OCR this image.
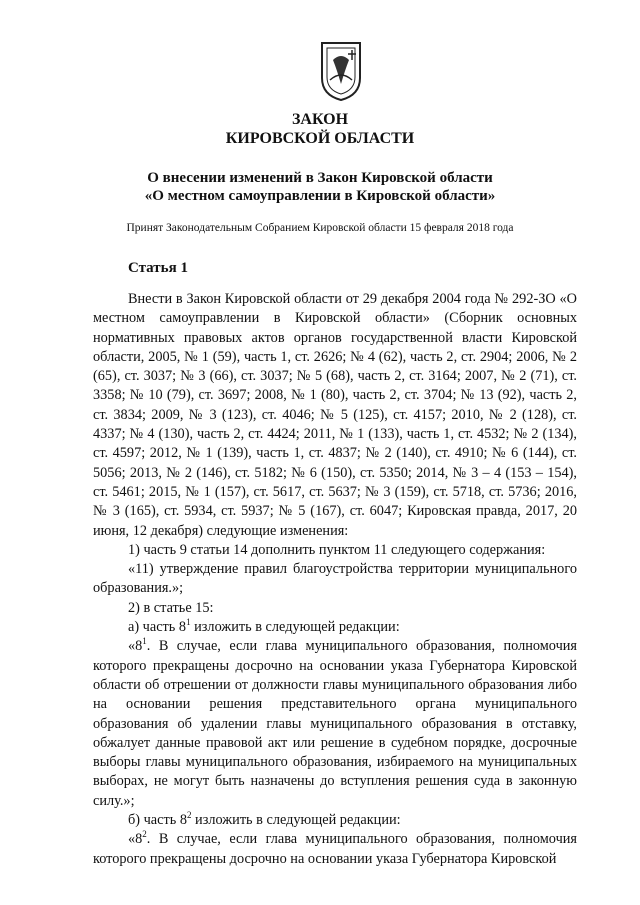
ЗАКОН
КИРОВСКОЙ ОБЛАСТИ
О внесении изменений в Закон Кировской области
«О местном самоуправлении в Кировской области»
Принят Законодательным Собранием Кировской области 15 февраля 2018 года
Статья 1

Внести в Закон Кировской области от 29 декабря 2004 года № 292-ЗО «О местном самоуправлении в Кировской области» (Сборник основных нормативных правовых актов органов государственной власти Кировской области, 2005, № 1 (59), часть 1, ст. 2626; № 4 (62), часть 2, ст. 2904; 2006, № 2 (65), ст. 3037; № 3 (66), ст. 3037; № 5 (68), часть 2, ст. 3164; 2007, № 2 (71), ст. 3358; № 10 (79), ст. 3697; 2008, № 1 (80), часть 2, ст. 3704; № 13 (92), часть 2, ст. 3834; 2009, № 3 (123), ст. 4046; № 5 (125), ст. 4157; 2010, № 2 (128), ст. 4337; № 4 (130), часть 2, ст. 4424; 2011, № 1 (133), часть 1, ст. 4532; № 2 (134), ст. 4597; 2012, № 1 (139), часть 1, ст. 4837; № 2 (140), ст. 4910; № 6 (144), ст. 5056; 2013, № 2 (146), ст. 5182; № 6 (150), ст. 5350; 2014, № 3 – 4 (153 – 154), ст. 5461; 2015, № 1 (157), ст. 5617, ст. 5637; № 3 (159), ст. 5718, ст. 5736; 2016, № 3 (165), ст. 5934, ст. 5937; № 5 (167), ст. 6047; Кировская правда, 2017, 20 июня, 12 декабря) следующие изменения:

1) часть 9 статьи 14 дополнить пунктом 11 следующего содержания:

«11) утверждение правил благоустройства территории муниципального образования.»;

2) в статье 15:

а) часть $8^1$ изложить в следующей редакции:

«$8^1$. В случае, если глава муниципального образования, полномочия которого прекращены досрочно на основании указа Губернатора Кировской области об отрешении от должности главы муниципального образования либо на основании решения представительного органа муниципального образования об удалении главы муниципального образования в отставку, обжалует данные правовой акт или решение в судебном порядке, досрочные выборы главы муниципального образования, избираемого на муниципальных выборах, не могут быть назначены до вступления решения суда в законную силу.»;

б) часть $8^2$ изложить в следующей редакции:

«$8^2$. В случае, если глава муниципального образования, полномочия которого прекращены досрочно на основании указа Губернатора Кировской
